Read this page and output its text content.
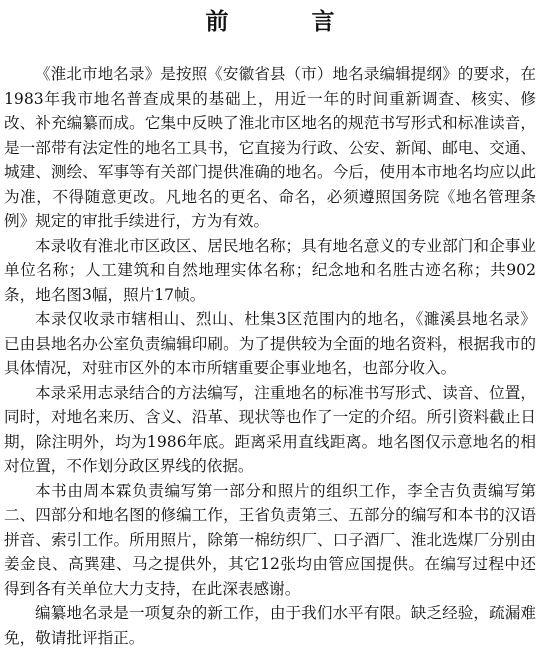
前　言

《淮北市地名录》是按照《安徽省县（市）地名录编辑提纲》的要求，在1983年我市地名普查成果的基础上，用近一年的时间重新调查、核实、修改、补充编纂而成。它集中反映了淮北市区地名的规范书写形式和标准读音，是一部带有法定性的地名工具书，它直接为行政、公安、新闻、邮电、交通、城建、测绘、军事等有关部门提供准确的地名。今后，使用本市地名均应以此为准，不得随意更改。凡地名的更名、命名，必须遵照国务院《地名管理条例》规定的审批手续进行，方为有效。

本录收有淮北市区政区、居民地名称；具有地名意义的专业部门和企事业单位名称；人工建筑和自然地理实体名称；纪念地和名胜古迹名称；共902条，地名图3幅，照片17帧。

本录仅收录市辖相山、烈山、杜集3区范围内的地名，《濉溪县地名录》已由县地名办公室负责编辑印刷。为了提供较为全面的地名资料，根据我市的具体情况，对驻市区外的本市所辖重要企事业地名，也部分收入。

本录采用志录结合的方法编写，注重地名的标准书写形式、读音、位置，同时，对地名来历、含义、沿革、现状等也作了一定的介绍。所引资料截止日期，除注明外，均为1986年底。距离采用直线距离。地名图仅示意地名的相对位置，不作划分政区界线的依据。

本书由周本霖负责编写第一部分和照片的组织工作，李全吉负责编写第二、四部分和地名图的修编工作，王省负责第三、五部分的编写和本书的汉语拼音、索引工作。所用照片，除第一棉纺织厂、口子酒厂、淮北选煤厂分别由姜金良、高巽建、马之提供外，其它12张均由管应国提供。在编写过程中还得到各有关单位大力支持，在此深表感谢。

编纂地名录是一项复杂的新工作，由于我们水平有限。缺乏经验，疏漏难免，敬请批评指正。
